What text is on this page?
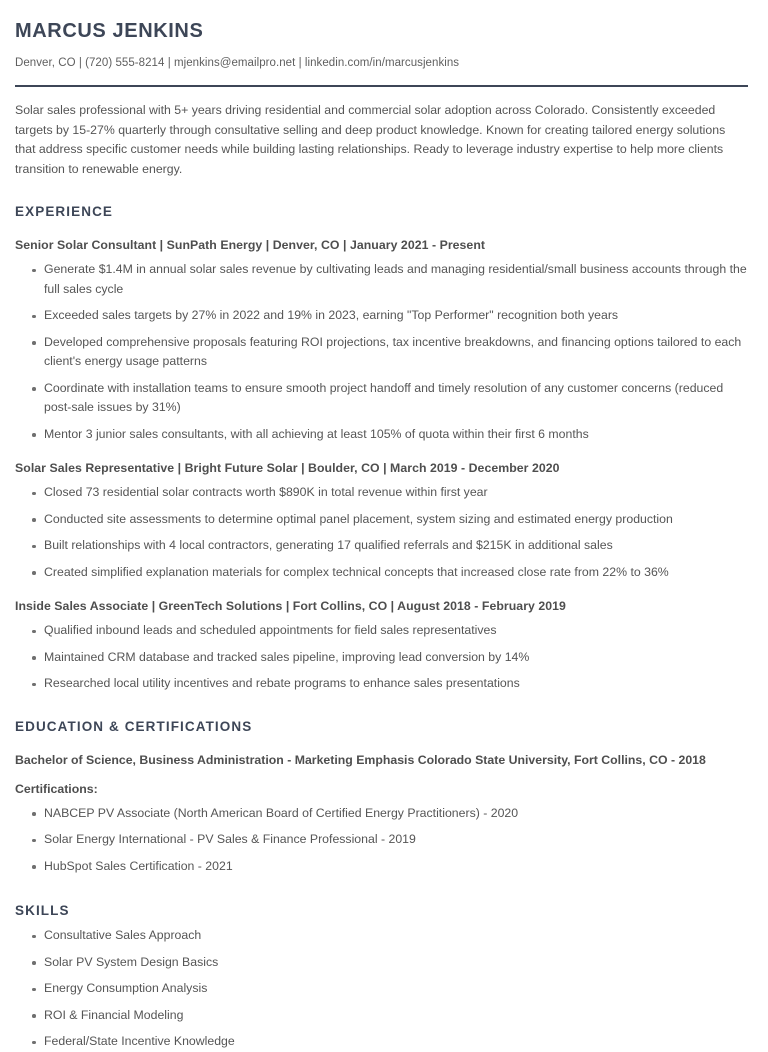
MARCUS JENKINS
Denver, CO | (720) 555-8214 | mjenkins@emailpro.net | linkedin.com/in/marcusjenkins

Solar sales professional with 5+ years driving residential and commercial solar adoption across Colorado. Consistently exceeded targets by 15-27% quarterly through consultative selling and deep product knowledge. Known for creating tailored energy solutions that address specific customer needs while building lasting relationships. Ready to leverage industry expertise to help more clients transition to renewable energy.

EXPERIENCE
Senior Solar Consultant | SunPath Energy | Denver, CO | January 2021 - Present
Generate $1.4M in annual solar sales revenue by cultivating leads and managing residential/small business accounts through the full sales cycle
Exceeded sales targets by 27% in 2022 and 19% in 2023, earning "Top Performer" recognition both years
Developed comprehensive proposals featuring ROI projections, tax incentive breakdowns, and financing options tailored to each client's energy usage patterns
Coordinate with installation teams to ensure smooth project handoff and timely resolution of any customer concerns (reduced post-sale issues by 31%)
Mentor 3 junior sales consultants, with all achieving at least 105% of quota within their first 6 months
Solar Sales Representative | Bright Future Solar | Boulder, CO | March 2019 - December 2020
Closed 73 residential solar contracts worth $890K in total revenue within first year
Conducted site assessments to determine optimal panel placement, system sizing and estimated energy production
Built relationships with 4 local contractors, generating 17 qualified referrals and $215K in additional sales
Created simplified explanation materials for complex technical concepts that increased close rate from 22% to 36%
Inside Sales Associate | GreenTech Solutions | Fort Collins, CO | August 2018 - February 2019
Qualified inbound leads and scheduled appointments for field sales representatives
Maintained CRM database and tracked sales pipeline, improving lead conversion by 14%
Researched local utility incentives and rebate programs to enhance sales presentations
EDUCATION & CERTIFICATIONS
Bachelor of Science, Business Administration - Marketing Emphasis Colorado State University, Fort Collins, CO - 2018
Certifications:
NABCEP PV Associate (North American Board of Certified Energy Practitioners) - 2020
Solar Energy International - PV Sales & Finance Professional - 2019
HubSpot Sales Certification - 2021
SKILLS
Consultative Sales Approach
Solar PV System Design Basics
Energy Consumption Analysis
ROI & Financial Modeling
Federal/State Incentive Knowledge
